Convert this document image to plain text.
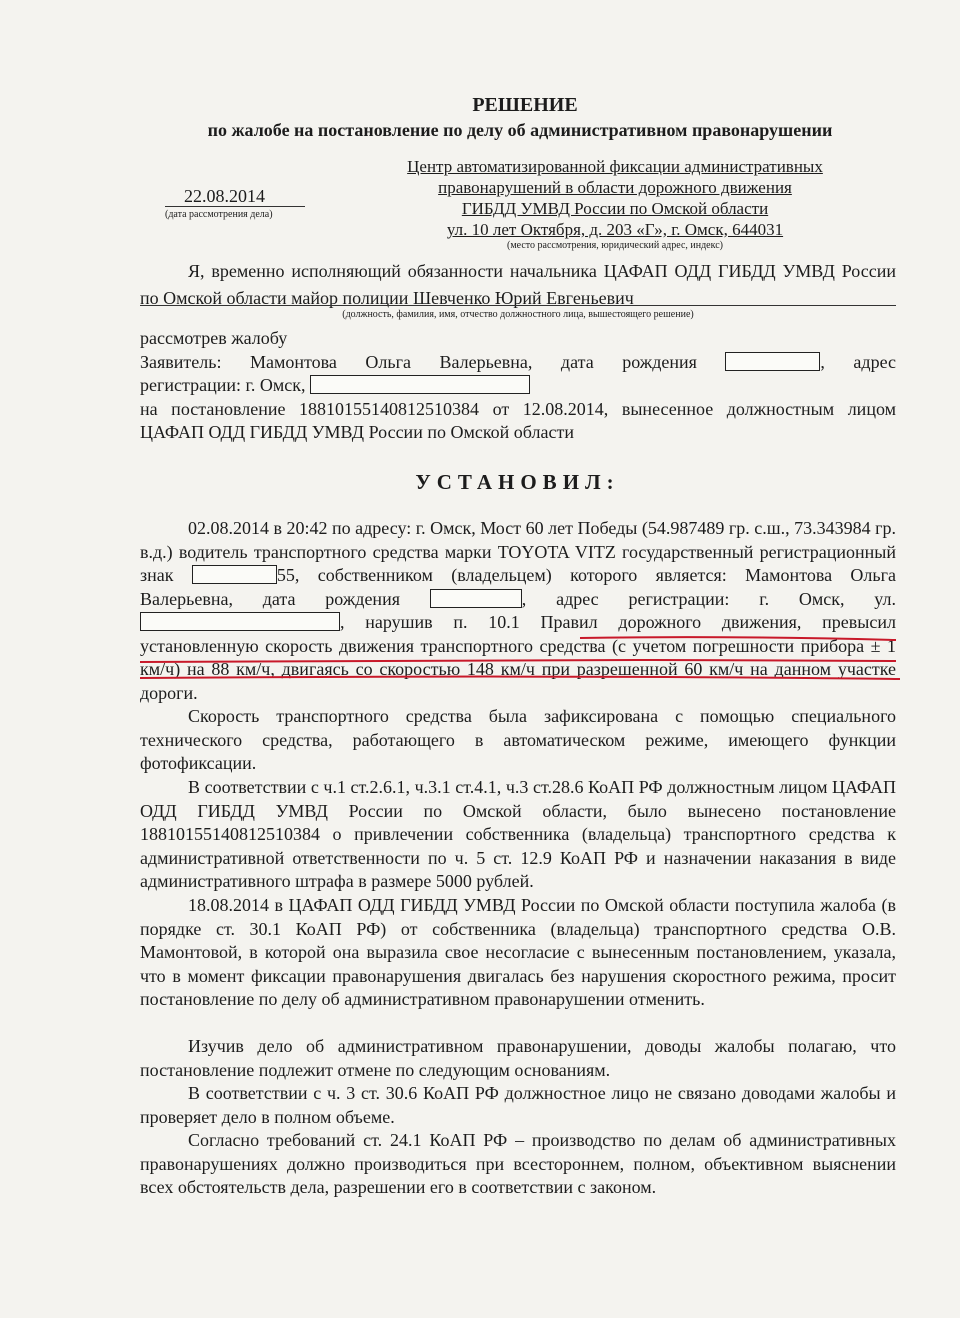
РЕШЕНИЕ
по жалобе на постановление по делу об административном правонарушении
22.08.2014
(дата рассмотрения дела)
Центр автоматизированной фиксации административных
правонарушений в области дорожного движения
ГИБДД УМВД России по Омской области
ул. 10 лет Октября, д. 203 «Г», г. Омск, 644031
(место рассмотрения, юридический адрес, индекс)
Я, временно исполняющий обязанности начальника ЦАФАП ОДД ГИБДД УМВД России по Омской области майор полиции Шевченко Юрий Евгеньевич
(должность, фамилия, имя, отчество должностного лица, вышестоящего решение)
рассмотрев жалобу
Заявитель: Мамонтова Ольга Валерьевна, дата рождения	, адрес
регистрации: г. Омск,
на постановление 18810155140812510384 от 12.08.2014, вынесенное должностным лицом ЦАФАП ОДД ГИБДД УМВД России по Омской области
УСТАНОВИЛ:
02.08.2014 в 20:42 по адресу: г. Омск, Мост 60 лет Победы (54.987489 гр. с.ш., 73.343984 гр. в.д.) водитель транспортного средства марки TOYOTA VITZ государственный регистрационный знак	55, собственником (владельцем) которого является: Мамонтова Ольга Валерьевна, дата рождения	, адрес регистрации: г. Омск, ул. , нарушив п. 10.1 Правил дорожного движения, превысил установленную скорость движения транспортного средства (с учетом погрешности прибора ± 1 км/ч) на 88 км/ч, двигаясь со скоростью 148 км/ч при разрешенной 60 км/ч на данном участке дороги.
Скорость транспортного средства была зафиксирована с помощью специального технического средства, работающего в автоматическом режиме, имеющего функции фотофиксации.
В соответствии с ч.1 ст.2.6.1, ч.3.1 ст.4.1, ч.3 ст.28.6 КоАП РФ должностным лицом ЦАФАП ОДД ГИБДД УМВД России по Омской области, было вынесено постановление 18810155140812510384 о привлечении собственника (владельца) транспортного средства к административной ответственности по ч. 5 ст. 12.9 КоАП РФ и назначении наказания в виде административного штрафа в размере 5000 рублей.
18.08.2014 в ЦАФАП ОДД ГИБДД УМВД России по Омской области поступила жалоба (в порядке ст. 30.1 КоАП РФ) от собственника (владельца) транспортного средства О.В. Мамонтовой, в которой она выразила свое несогласие с вынесенным постановлением, указала, что в момент фиксации правонарушения двигалась без нарушения скоростного режима, просит постановление по делу об административном правонарушении отменить.
Изучив дело об административном правонарушении, доводы жалобы полагаю, что постановление подлежит отмене по следующим основаниям.
В соответствии с ч. 3 ст. 30.6 КоАП РФ должностное лицо не связано доводами жалобы и проверяет дело в полном объеме.
Согласно требований ст. 24.1 КоАП РФ – производство по делам об административных правонарушениях должно производиться при всестороннем, полном, объективном выяснении всех обстоятельств дела, разрешении его в соответствии с законом.
